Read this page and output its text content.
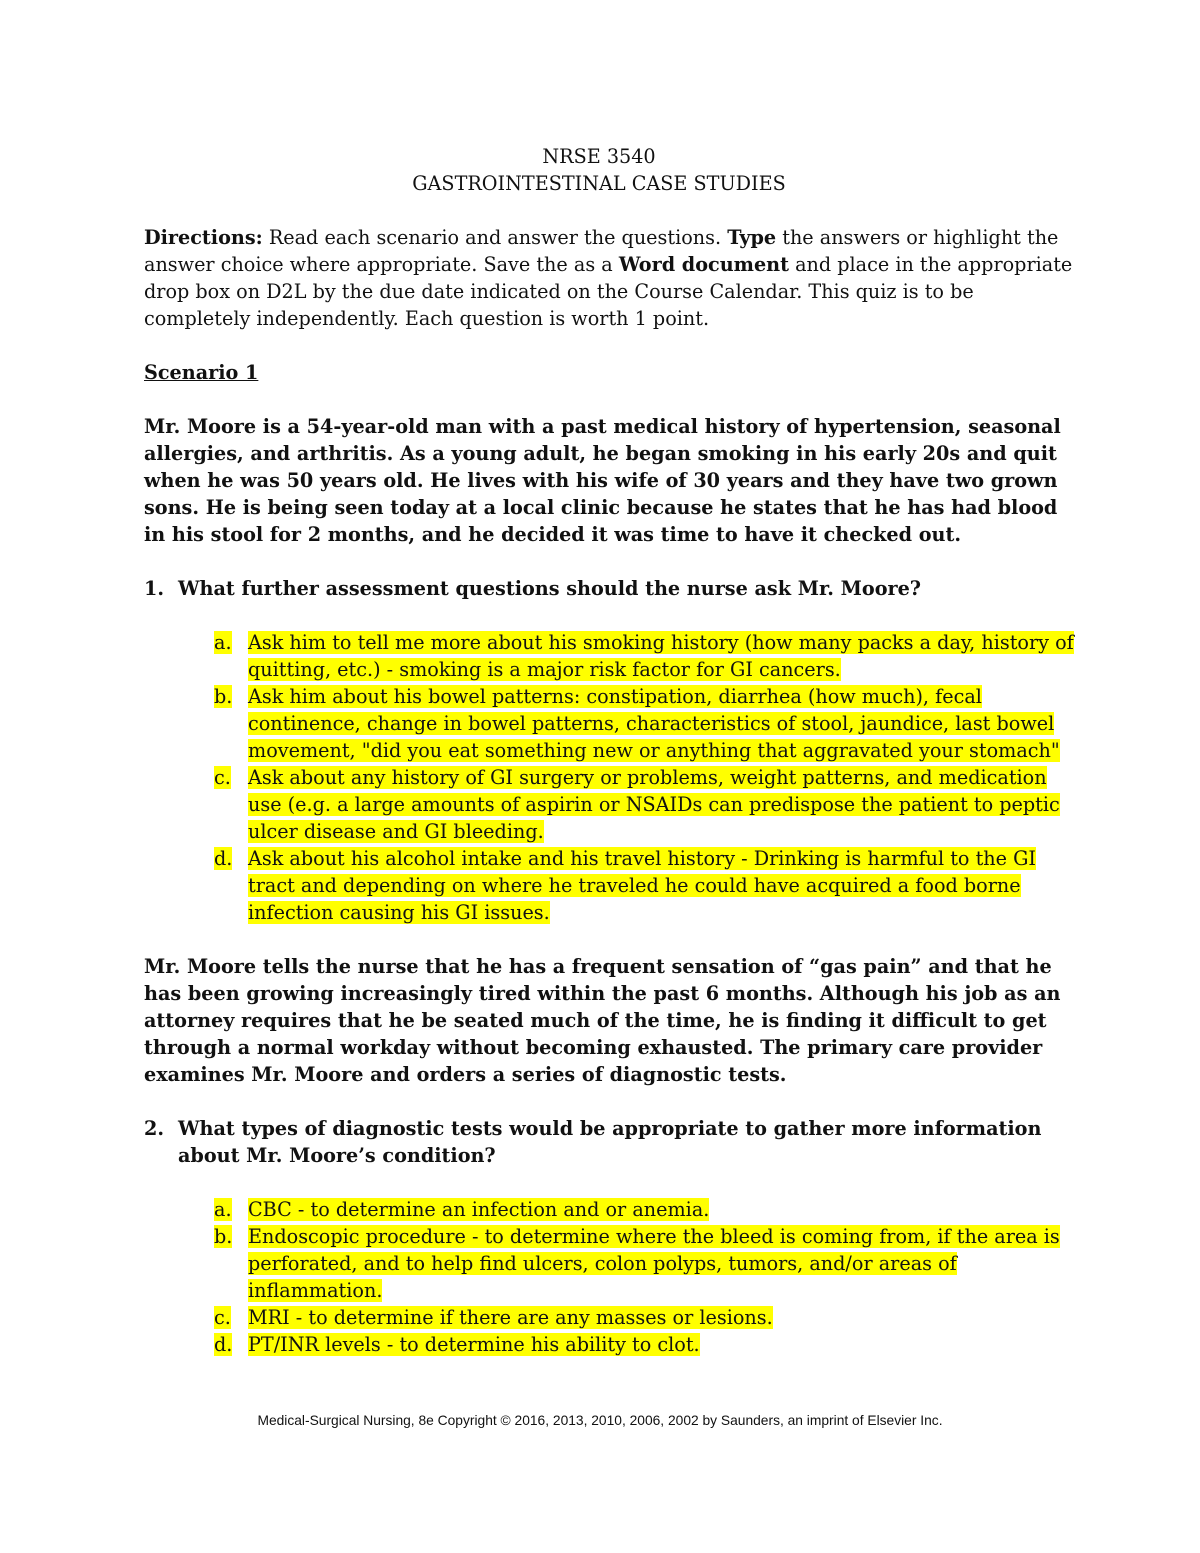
NRSE 3540

GASTROINTESTINAL CASE STUDIES

Directions: Read each scenario and answer the questions. Type the answers or highlight the answer choice where appropriate. Save the as a Word document and place in the appropriate drop box on D2L by the due date indicated on the Course Calendar. This quiz is to be completely independently. Each question is worth 1 point.

Scenario 1

Mr. Moore is a 54-year-old man with a past medical history of hypertension, seasonal allergies, and arthritis. As a young adult, he began smoking in his early 20s and quit when he was 50 years old. He lives with his wife of 30 years and they have two grown sons. He is being seen today at a local clinic because he states that he has had blood in his stool for 2 months, and he decided it was time to have it checked out.

1. What further assessment questions should the nurse ask Mr. Moore?
a. Ask him to tell me more about his smoking history (how many packs a day, history of quitting, etc.) - smoking is a major risk factor for GI cancers.
b. Ask him about his bowel patterns: constipation, diarrhea (how much), fecal continence, change in bowel patterns, characteristics of stool, jaundice, last bowel movement, "did you eat something new or anything that aggravated your stomach"
c. Ask about any history of GI surgery or problems, weight patterns, and medication use (e.g. a large amounts of aspirin or NSAIDs can predispose the patient to peptic ulcer disease and GI bleeding.
d. Ask about his alcohol intake and his travel history - Drinking is harmful to the GI tract and depending on where he traveled he could have acquired a food borne infection causing his GI issues.

Mr. Moore tells the nurse that he has a frequent sensation of “gas pain” and that he has been growing increasingly tired within the past 6 months. Although his job as an attorney requires that he be seated much of the time, he is finding it difficult to get through a normal workday without becoming exhausted. The primary care provider examines Mr. Moore and orders a series of diagnostic tests.

2. What types of diagnostic tests would be appropriate to gather more information about Mr. Moore’s condition?
a. CBC - to determine an infection and or anemia.
b. Endoscopic procedure - to determine where the bleed is coming from, if the area is perforated, and to help find ulcers, colon polyps, tumors, and/or areas of inflammation.
c. MRI - to determine if there are any masses or lesions.
d. PT/INR levels - to determine his ability to clot.
Medical-Surgical Nursing, 8e Copyright © 2016, 2013, 2010, 2006, 2002 by Saunders, an imprint of Elsevier Inc.
